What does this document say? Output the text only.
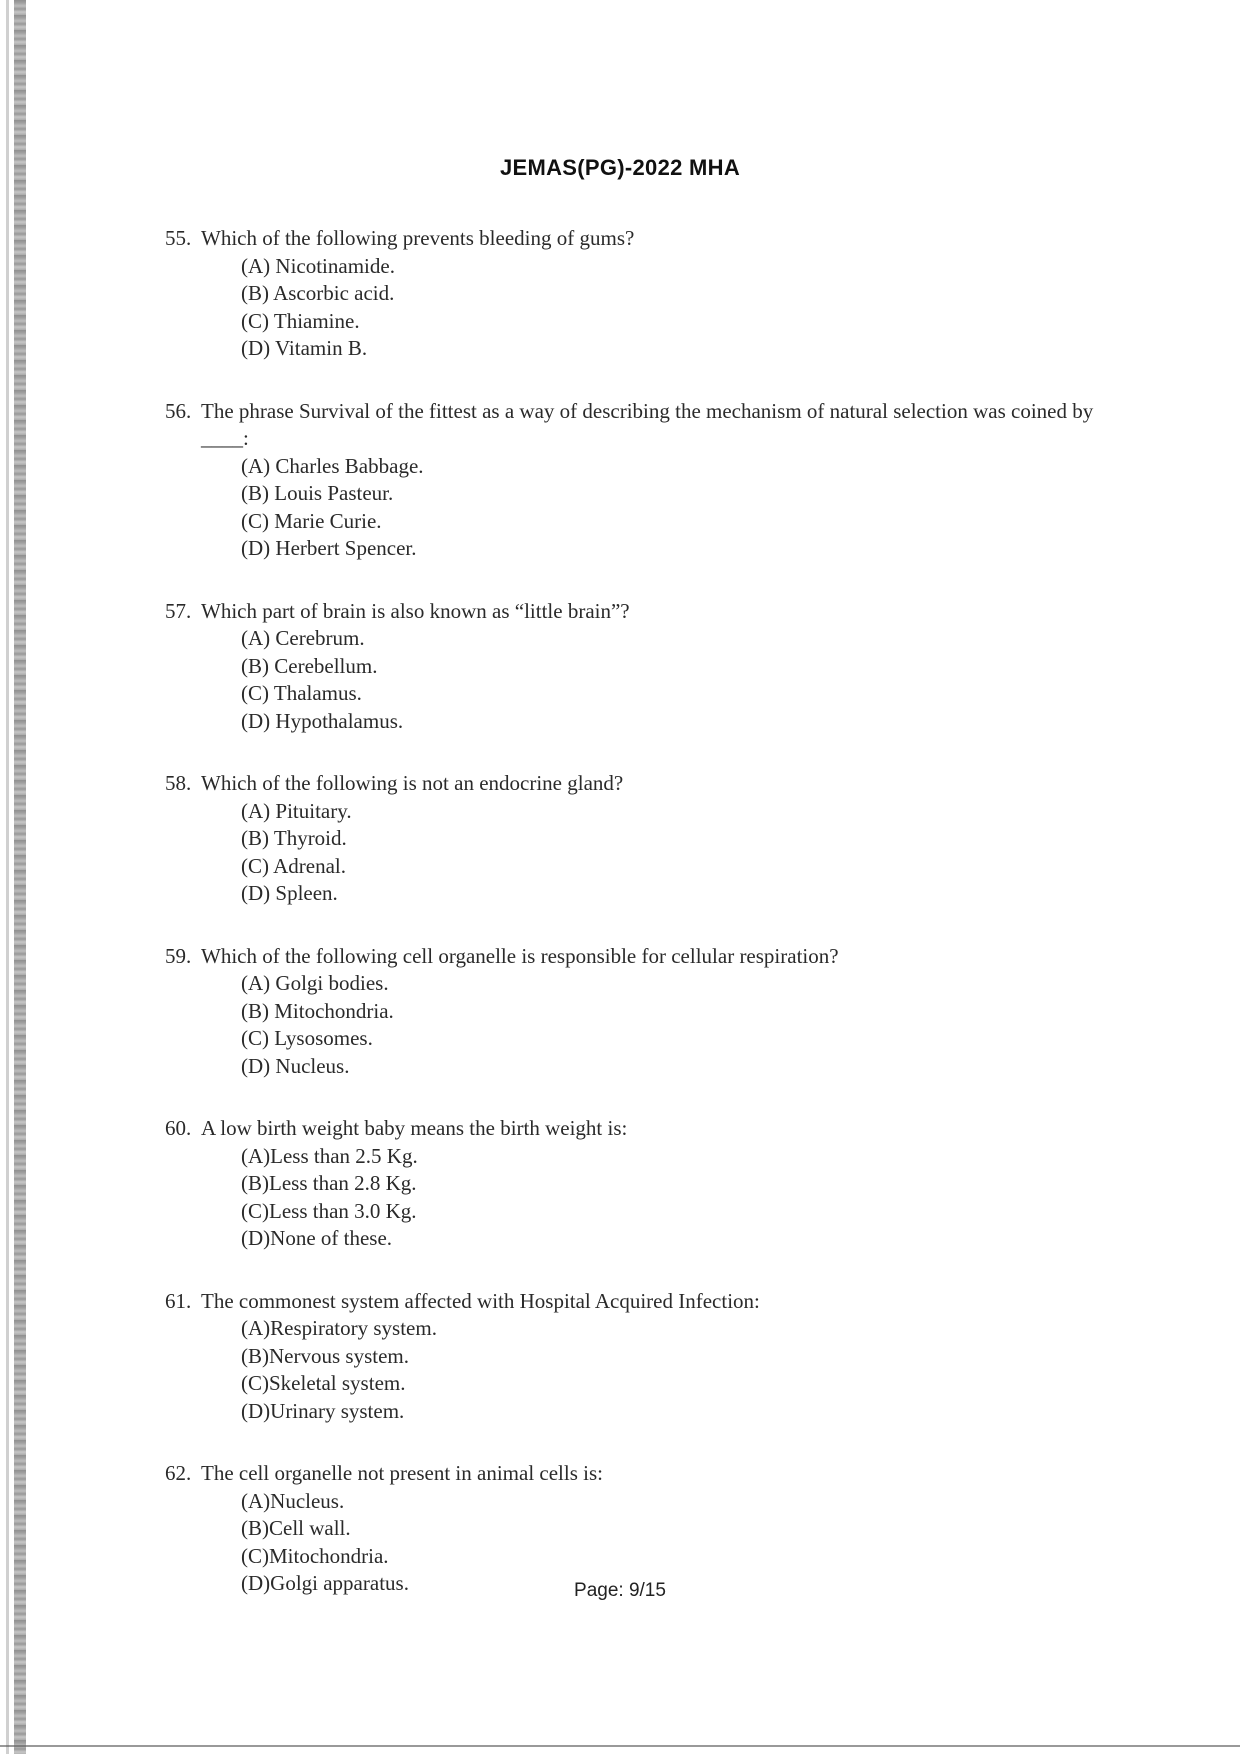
JEMAS(PG)-2022 MHA
55. Which of the following prevents bleeding of gums?
(A) Nicotinamide.
(B) Ascorbic acid.
(C) Thiamine.
(D) Vitamin B.
56. The phrase Survival of the fittest as a way of describing the mechanism of natural selection was coined by ____:
(A) Charles Babbage.
(B) Louis Pasteur.
(C) Marie Curie.
(D) Herbert Spencer.
57. Which part of brain is also known as “little brain”?
(A) Cerebrum.
(B) Cerebellum.
(C) Thalamus.
(D) Hypothalamus.
58. Which of the following is not an endocrine gland?
(A) Pituitary.
(B) Thyroid.
(C) Adrenal.
(D) Spleen.
59. Which of the following cell organelle is responsible for cellular respiration?
(A) Golgi bodies.
(B) Mitochondria.
(C) Lysosomes.
(D) Nucleus.
60. A low birth weight baby means the birth weight is:
(A)Less than 2.5 Kg.
(B)Less than 2.8 Kg.
(C)Less than 3.0 Kg.
(D)None of these.
61. The commonest system affected with Hospital Acquired Infection:
(A)Respiratory system.
(B)Nervous system.
(C)Skeletal system.
(D)Urinary system.
62. The cell organelle not present in animal cells is:
(A)Nucleus.
(B)Cell wall.
(C)Mitochondria.
(D)Golgi apparatus.	Page: 9/15
